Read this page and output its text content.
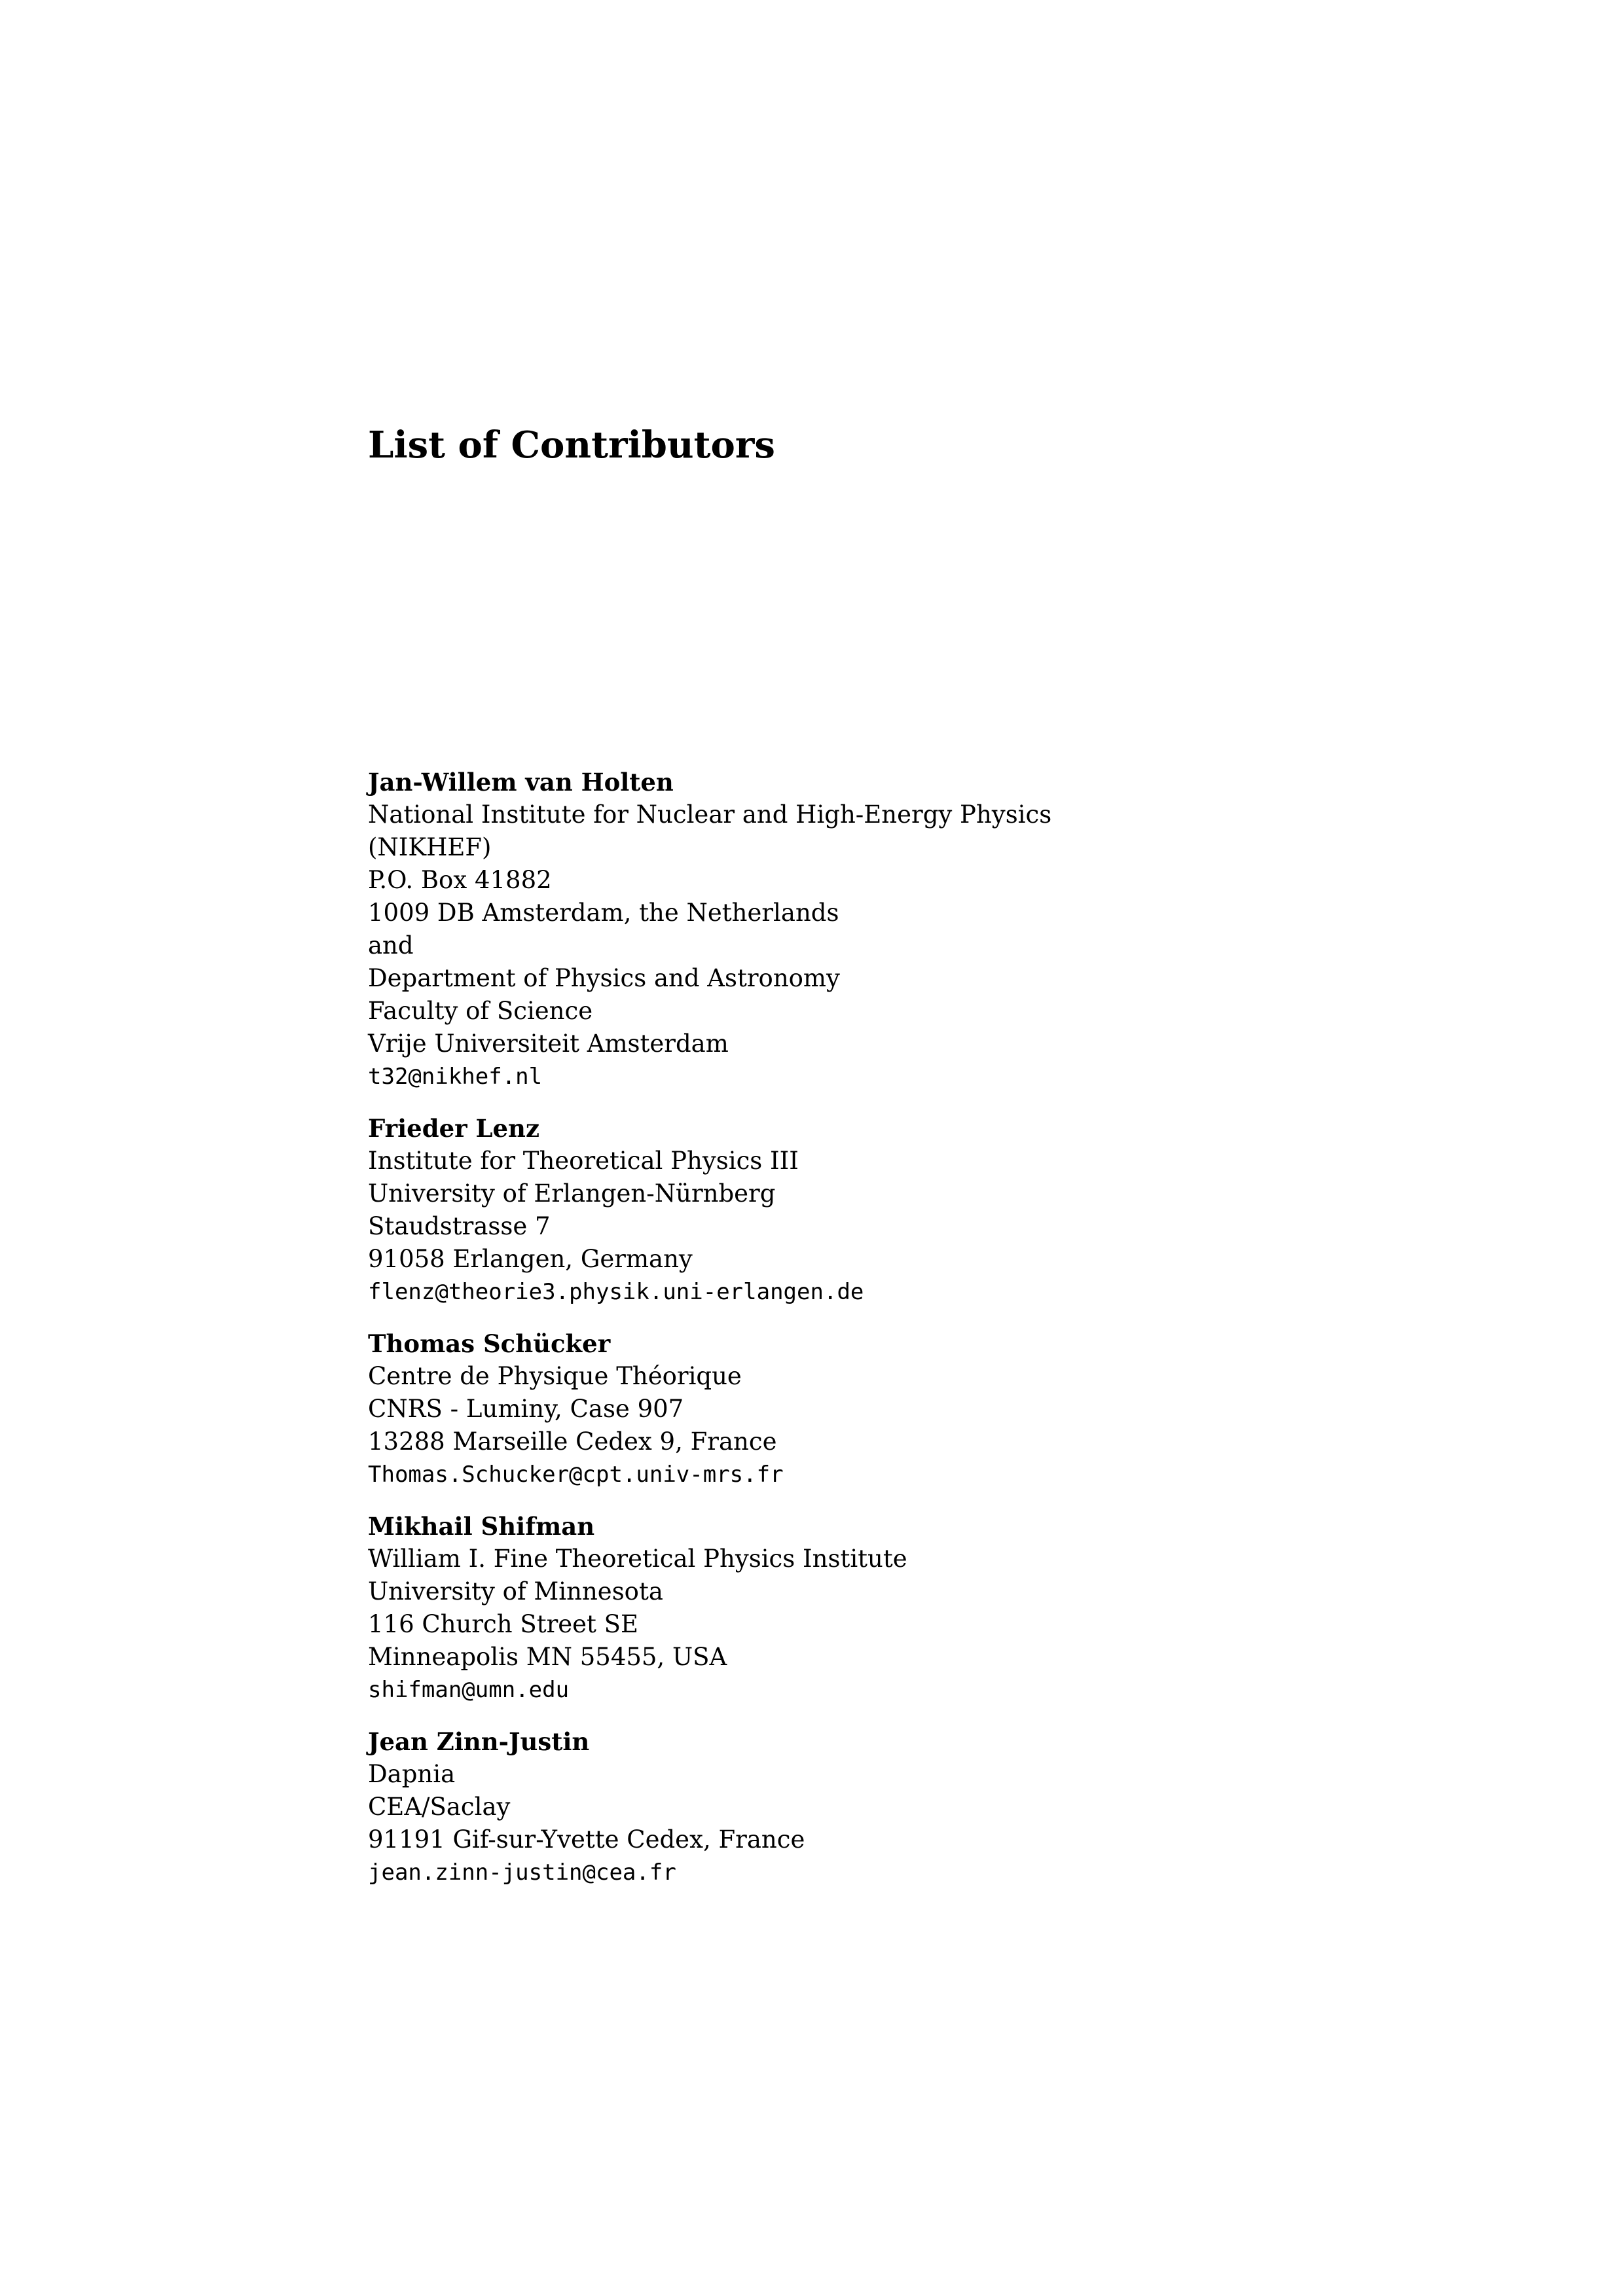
List of Contributors
Jan-Willem van Holten
National Institute for Nuclear and High-Energy Physics
(NIKHEF)
P.O. Box 41882
1009 DB Amsterdam, the Netherlands
and
Department of Physics and Astronomy
Faculty of Science
Vrije Universiteit Amsterdam
t32@nikhef.nl
Frieder Lenz
Institute for Theoretical Physics III
University of Erlangen-Nürnberg
Staudstrasse 7
91058 Erlangen, Germany
flenz@theorie3.physik.uni-erlangen.de
Thomas Schücker
Centre de Physique Théorique
CNRS - Luminy, Case 907
13288 Marseille Cedex 9, France
Thomas.Schucker@cpt.univ-mrs.fr
Mikhail Shifman
William I. Fine Theoretical Physics Institute
University of Minnesota
116 Church Street SE
Minneapolis MN 55455, USA
shifman@umn.edu
Jean Zinn-Justin
Dapnia
CEA/Saclay
91191 Gif-sur-Yvette Cedex, France
jean.zinn-justin@cea.fr
